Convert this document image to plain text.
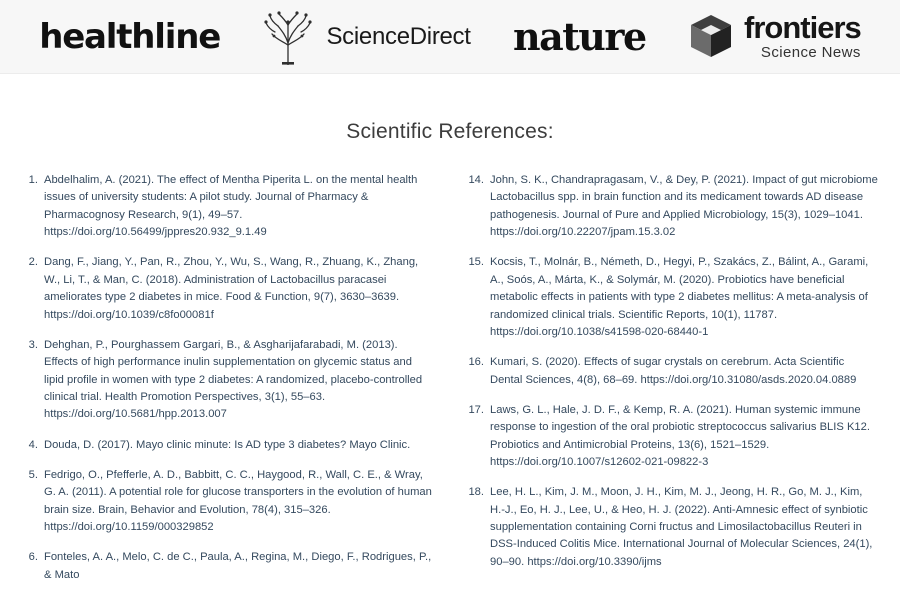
healthline	ScienceDirect nature	frontiers
Science News
Scientific References:
1. Abdelhalim, A. (2021). The effect of Mentha Piperita L. on the mental health issues of university students: A pilot study. Journal of Pharmacy & Pharmacognosy Research, 9(1), 49–57. https://doi.org/10.56499/jppres20.932_9.1.49
2. Dang, F., Jiang, Y., Pan, R., Zhou, Y., Wu, S., Wang, R., Zhuang, K., Zhang, W., Li, T., & Man, C. (2018). Administration of Lactobacillus paracasei ameliorates type 2 diabetes in mice. Food & Function, 9(7), 3630–3639. https://doi.org/10.1039/c8fo00081f
3. Dehghan, P., Pourghassem Gargari, B., & Asgharijafarabadi, M. (2013). Effects of high performance inulin supplementation on glycemic status and lipid profile in women with type 2 diabetes: A randomized, placebo-controlled clinical trial. Health Promotion Perspectives, 3(1), 55–63. https://doi.org/10.5681/hpp.2013.007
4. Douda, D. (2017). Mayo clinic minute: Is AD type 3 diabetes? Mayo Clinic.
5. Fedrigo, O., Pfefferle, A. D., Babbitt, C. C., Haygood, R., Wall, C. E., & Wray, G. A. (2011). A potential role for glucose transporters in the evolution of human brain size. Brain, Behavior and Evolution, 78(4), 315–326. https://doi.org/10.1159/000329852
6. Fonteles, A. A., Melo, C. de C., Paula, A., Regina, M., Diego, F., Rodrigues, P., & Mato
14. John, S. K., Chandrapragasam, V., & Dey, P. (2021). Impact of gut microbiome Lactobacillus spp. in brain function and its medicament towards AD disease pathogenesis. Journal of Pure and Applied Microbiology, 15(3), 1029–1041. https://doi.org/10.22207/jpam.15.3.02
15. Kocsis, T., Molnár, B., Németh, D., Hegyi, P., Szakács, Z., Bálint, A., Garami, A., Soós, A., Márta, K., & Solymár, M. (2020). Probiotics have beneficial metabolic effects in patients with type 2 diabetes mellitus: A meta-analysis of randomized clinical trials. Scientific Reports, 10(1), 11787. https://doi.org/10.1038/s41598-020-68440-1
16. Kumari, S. (2020). Effects of sugar crystals on cerebrum. Acta Scientific Dental Sciences, 4(8), 68–69. https://doi.org/10.31080/asds.2020.04.0889
17. Laws, G. L., Hale, J. D. F., & Kemp, R. A. (2021). Human systemic immune response to ingestion of the oral probiotic streptococcus salivarius BLIS K12. Probiotics and Antimicrobial Proteins, 13(6), 1521–1529. https://doi.org/10.1007/s12602-021-09822-3
18. Lee, H. L., Kim, J. M., Moon, J. H., Kim, M. J., Jeong, H. R., Go, M. J., Kim, H.-J., Eo, H. J., Lee, U., & Heo, H. J. (2022). Anti-Amnesic effect of synbiotic supplementation containing Corni fructus and Limosilactobacillus Reuteri in DSS-Induced Colitis Mice. International Journal of Molecular Sciences, 24(1), 90–90. https://doi.org/10.3390/ijms
